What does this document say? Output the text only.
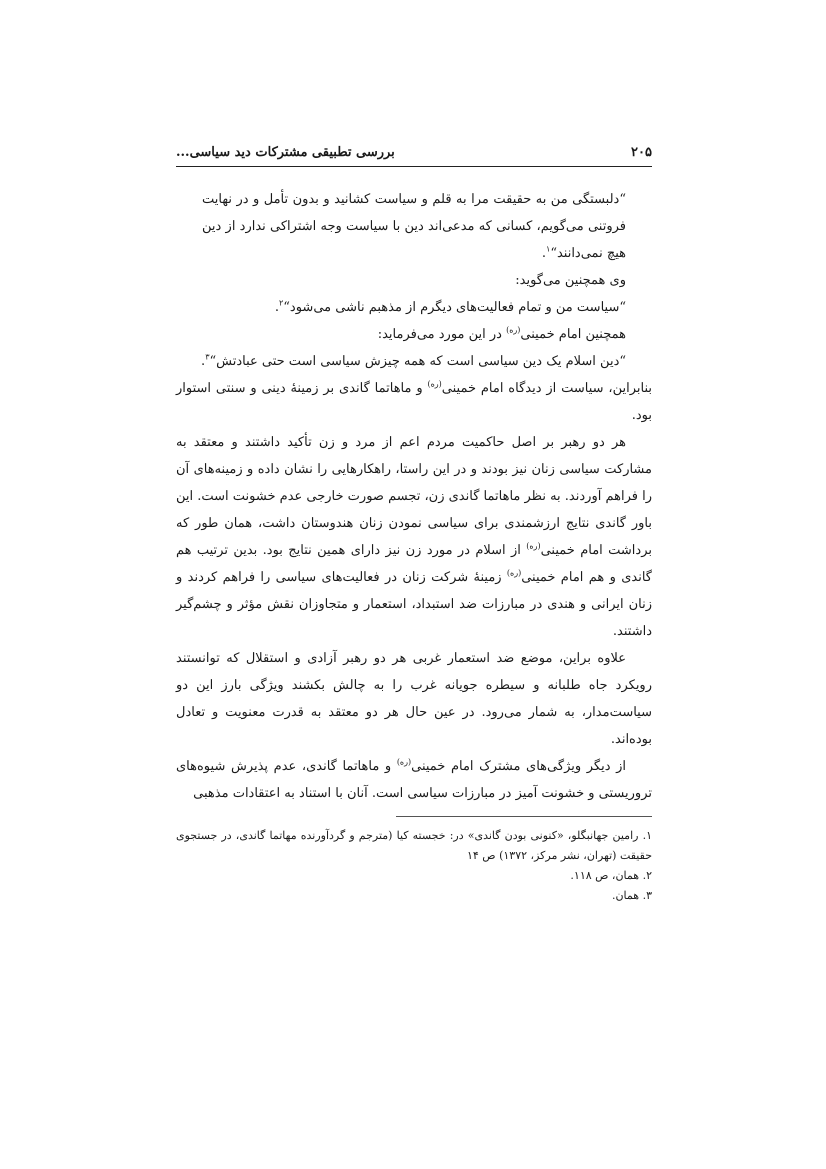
۲۰۵
بررسی تطبیقی مشترکات دید سیاسی...
“دلبستگی من به حقیقت مرا به قلم و سیاست کشانید و بدون تأمل و در نهایت فروتنی می‌گویم، کسانی که مدعی‌اند دین با سیاست وجه اشتراکی ندارد از دین هیچ نمی‌دانند“$^۱$.
وی همچنین می‌گوید:
“سیاست من و تمام فعالیت‌های دیگرم از مذهبم ناشی می‌شود“$^۲$.
همچنین امام خمینی$^{(ره)}$ در این مورد می‌فرماید:
“دین اسلام یک دین سیاسی است که همه چیزش سیاسی است حتی عبادتش“$^۳$.
بنابراین، سیاست از دیدگاه امام خمینی$^{(ره)}$ و ماهاتما گاندی بر زمینهٔ دینی و سنتی استوار بود.
هر دو رهبر بر اصل حاکمیت مردم اعم از مرد و زن تأکید داشتند و معتقد به مشارکت سیاسی زنان نیز بودند و در این راستا، راهکارهایی را نشان داده و زمینه‌های آن را فراهم آوردند. به نظر ماهاتما گاندی زن، تجسم صورت خارجی عدم خشونت است. این باور گاندی نتایج ارزشمندی برای سیاسی نمودن زنان هندوستان داشت، همان طور که برداشت امام خمینی$^{(ره)}$ از اسلام در مورد زن نیز دارای همین نتایج بود. بدین ترتیب هم گاندی و هم امام خمینی$^{(ره)}$ زمینهٔ شرکت زنان در فعالیت‌های سیاسی را فراهم کردند و زنان ایرانی و هندی در مبارزات ضد استبداد، استعمار و متجاوزان نقش مؤثر و چشم‌گیر داشتند.
علاوه براین، موضع ضد استعمار غربی هر دو رهبر آزادی و استقلال که توانستند رویکرد جاه طلبانه و سیطره جویانه غرب را به چالش بکشند ویژگی بارز این دو سیاست‌مدار، به شمار می‌رود. در عین حال هر دو معتقد به قدرت معنویت و تعادل بوده‌اند.
از دیگر ویژگی‌های مشترک امام خمینی$^{(ره)}$ و ماهاتما گاندی، عدم پذیرش شیوه‌های تروریستی و خشونت آمیز در مبارزات سیاسی است. آنان با استناد به اعتقادات مذهبی
۱. رامین جهانبگلو، «کنونی بودن گاندی» در: خجسته کیا (مترجم و گردآورنده مهاتما گاندی، در جستجوی حقیقت (تهران، نشر مرکز، ۱۳۷۲) ص ۱۴
۲. همان، ص ۱۱۸.
۳. همان.
